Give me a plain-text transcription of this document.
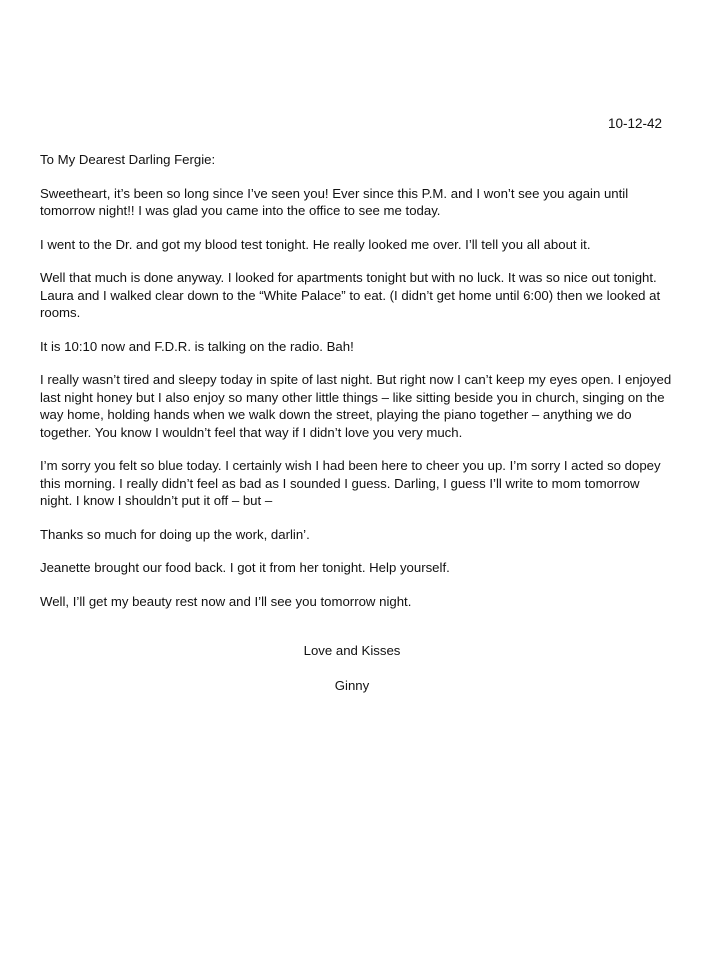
10-12-42

To My Dearest Darling Fergie:

Sweetheart, it’s been so long since I’ve seen you! Ever since this P.M. and I won’t see you again until tomorrow night!! I was glad you came into the office to see me today.

I went to the Dr. and got my blood test tonight. He really looked me over. I’ll tell you all about it.

Well that much is done anyway. I looked for apartments tonight but with no luck. It was so nice out tonight. Laura and I walked clear down to the “White Palace” to eat. (I didn’t get home until 6:00) then we looked at rooms.

It is 10:10 now and F.D.R. is talking on the radio. Bah!

I really wasn’t tired and sleepy today in spite of last night. But right now I can’t keep my eyes open. I enjoyed last night honey but I also enjoy so many other little things – like sitting beside you in church, singing on the way home, holding hands when we walk down the street, playing the piano together – anything we do together. You know I wouldn’t feel that way if I didn’t love you very much.

I’m sorry you felt so blue today. I certainly wish I had been here to cheer you up. I’m sorry I acted so dopey this morning. I really didn’t feel as bad as I sounded I guess. Darling, I guess I’ll write to mom tomorrow night. I know I shouldn’t put it off – but –

Thanks so much for doing up the work, darlin’.

Jeanette brought our food back. I got it from her tonight. Help yourself.

Well, I’ll get my beauty rest now and I’ll see you tomorrow night.

Love and Kisses
Ginny
